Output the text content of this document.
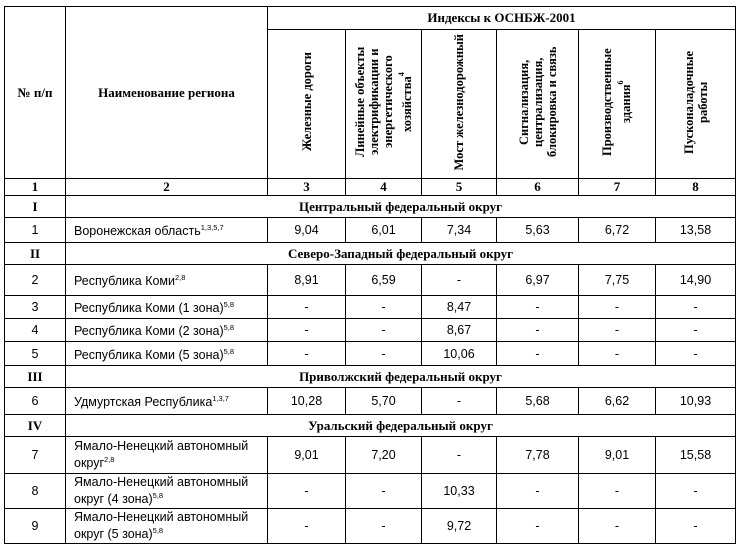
№ п/п	Наименование региона	Индексы к ОСНБЖ-2001					
		Железные дороги	Линейные объекты электрификации и энергетического хозяйства$^4$	Мост железнодорожный	Сигнализация, централизация, блокировка и связь	Производственные здания$^6$	Пусконаладочные работы
1	2	3	4	5	6	7	8
I	Центральный федеральный округ						
1	Воронежская область$^{1,3,5,7}$	9,04	6,01	7,34	5,63	6,72	13,58
II	Северо-Западный федеральный округ						
2	Республика Коми$^{2,8}$	8,91	6,59	-	6,97	7,75	14,90
3	Республика Коми (1 зона)$^{5,8}$	-	-	8,47	-	-	-
4	Республика Коми (2 зона)$^{5,8}$	-	-	8,67	-	-	-
5	Республика Коми (5 зона)$^{5,8}$	-	-	10,06	-	-	-
III	Приволжский федеральный округ						
6	Удмуртская Республика$^{1,3,7}$	10,28	5,70	-	5,68	6,62	10,93
IV	Уральский федеральный округ						
7	Ямало-Ненецкий автономный округ$^{2,8}$	9,01	7,20	-	7,78	9,01	15,58
8	Ямало-Ненецкий автономный округ (4 зона)$^{5,8}$	-	-	10,33	-	-	-
9	Ямало-Ненецкий автономный округ (5 зона)$^{5,8}$	-	-	9,72	-	-	-
